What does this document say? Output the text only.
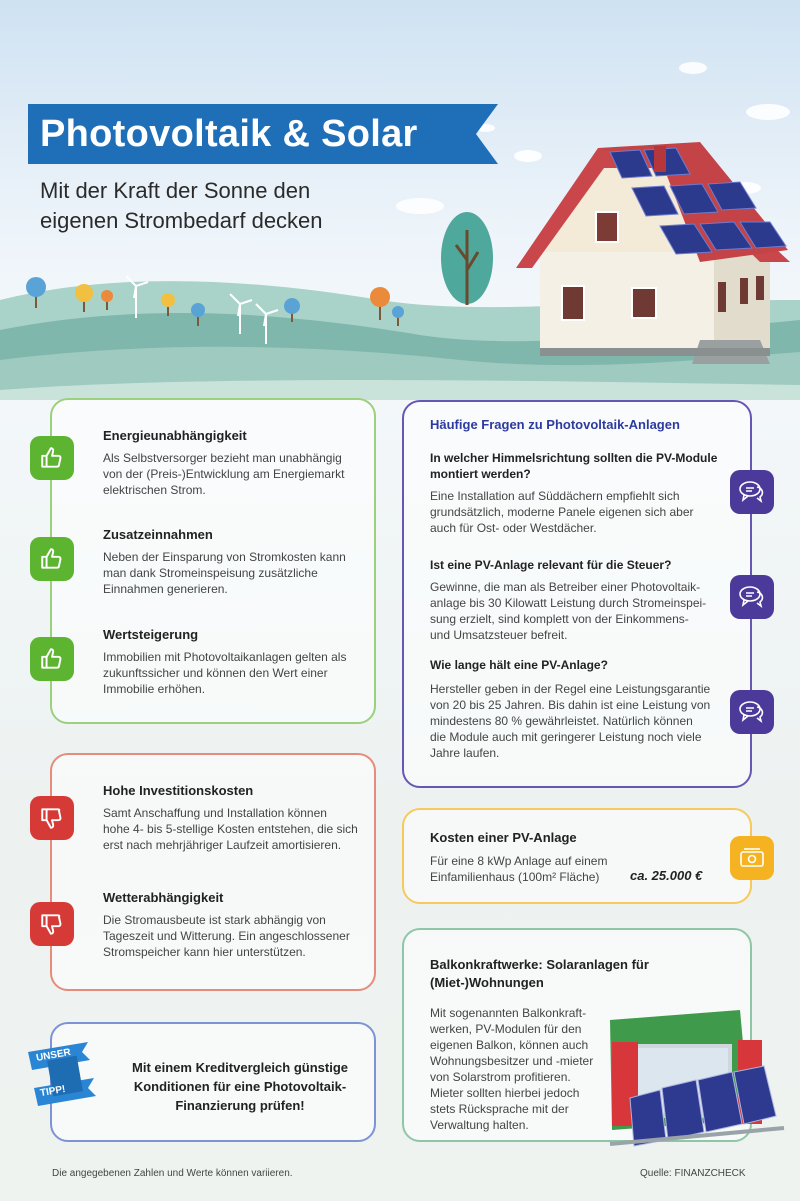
Photovoltaik & Solar
Mit der Kraft der Sonne den
eigenen Strombedarf decken
Energieunabhängigkeit
Als Selbstversorger bezieht man unabhängig
von der (Preis-)Entwicklung am Energiemarkt
elektrischen Strom.
Zusatzeinnahmen
Neben der Einsparung von Stromkosten kann
man dank Stromeinspeisung zusätzliche
Einnahmen generieren.
Wertsteigerung
Immobilien mit Photovoltaikanlagen gelten als
zukunftssicher und können den Wert einer
Immobilie erhöhen.
Hohe Investitionskosten
Samt Anschaffung und Installation können
hohe 4- bis 5-stellige Kosten entstehen, die sich
erst nach mehrjähriger Laufzeit amortisieren.
Wetterabhängigkeit
Die Stromausbeute ist stark abhängig von
Tageszeit und Witterung. Ein angeschlossener
Stromspeicher kann hier unterstützen.
UNSER
TIPP!
Mit einem Kreditvergleich günstige
Konditionen für eine Photovoltaik-
Finanzierung prüfen!
Häufige Fragen zu Photovoltaik-Anlagen
In welcher Himmelsrichtung sollten die PV-Module
montiert werden?
Eine Installation auf Süddächern empfiehlt sich
grundsätzlich, moderne Panele eigenen sich aber
auch für Ost- oder Westdächer.
Ist eine PV-Anlage relevant für die Steuer?
Gewinne, die man als Betreiber einer Photovoltaik-
anlage bis 30 Kilowatt Leistung durch Stromeinspei-
sung erzielt, sind komplett von der Einkommens-
und Umsatzsteuer befreit.
Wie lange hält eine PV-Anlage?
Hersteller geben in der Regel eine Leistungsgarantie
von 20 bis 25 Jahren. Bis dahin ist eine Leistung von
mindestens 80 % gewährleistet. Natürlich können
die Module auch mit geringerer Leistung noch viele
Jahre laufen.
Kosten einer PV-Anlage
Für eine 8 kWp Anlage auf einem
Einfamilienhaus (100m² Fläche)	ca. 25.000 €
Balkonkraftwerke: Solaranlagen für
(Miet-)Wohnungen
Mit sogenannten Balkonkraft-
werken, PV-Modulen für den
eigenen Balkon, können auch
Wohnungsbesitzer und -mieter
von Solarstrom profitieren.
Mieter sollten hierbei jedoch
stets Rücksprache mit der
Verwaltung halten.
Die angegebenen Zahlen und Werte können variieren.	Quelle: FINANZCHECK
